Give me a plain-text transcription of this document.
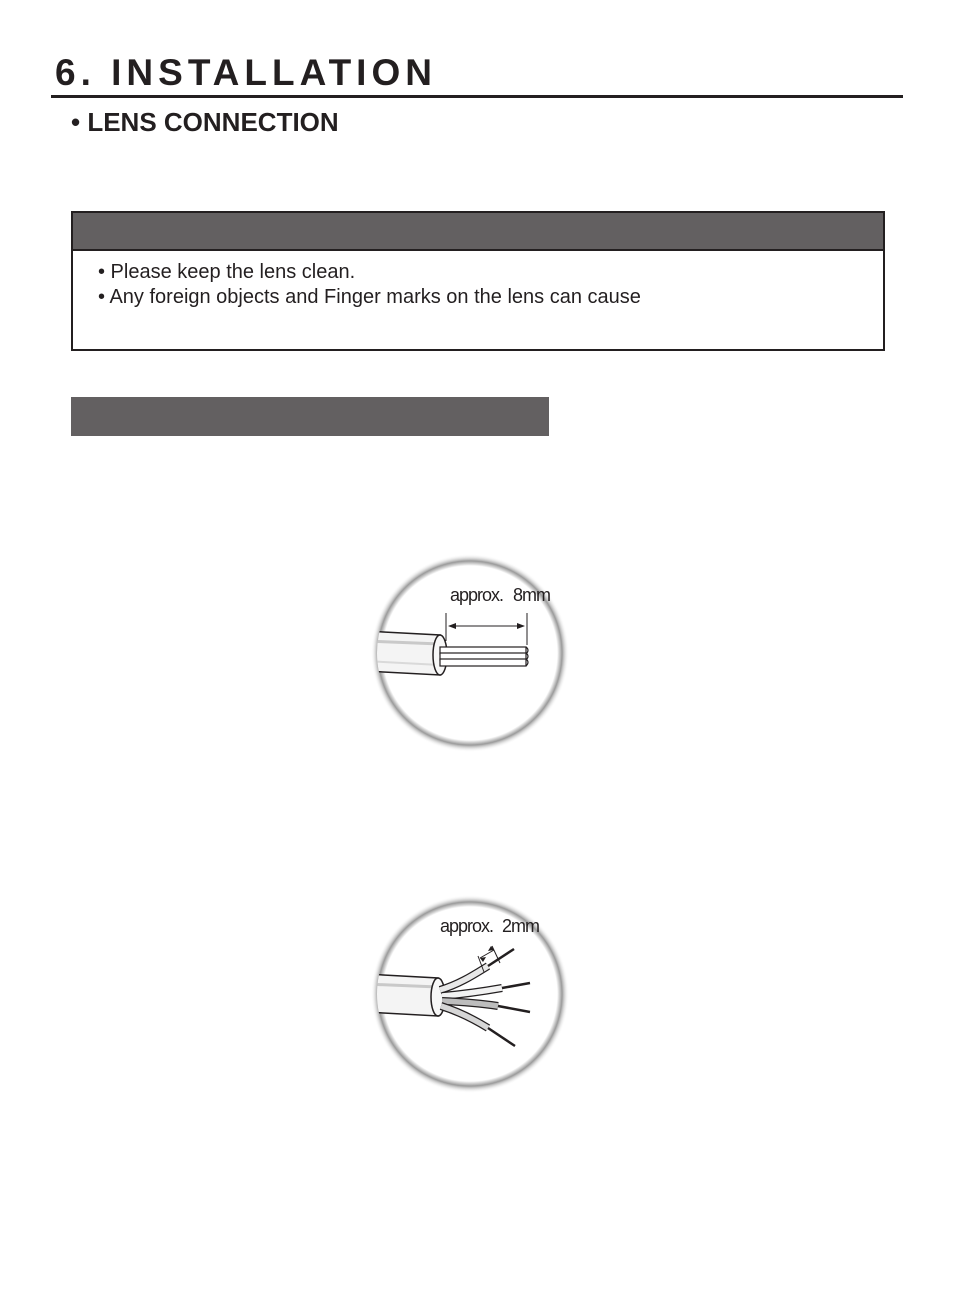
6. INSTALLATION
• LENS CONNECTION
• Please keep the lens clean.
• Any foreign objects and Finger marks on the lens can cause
approx. 8mm
approx. 2mm
